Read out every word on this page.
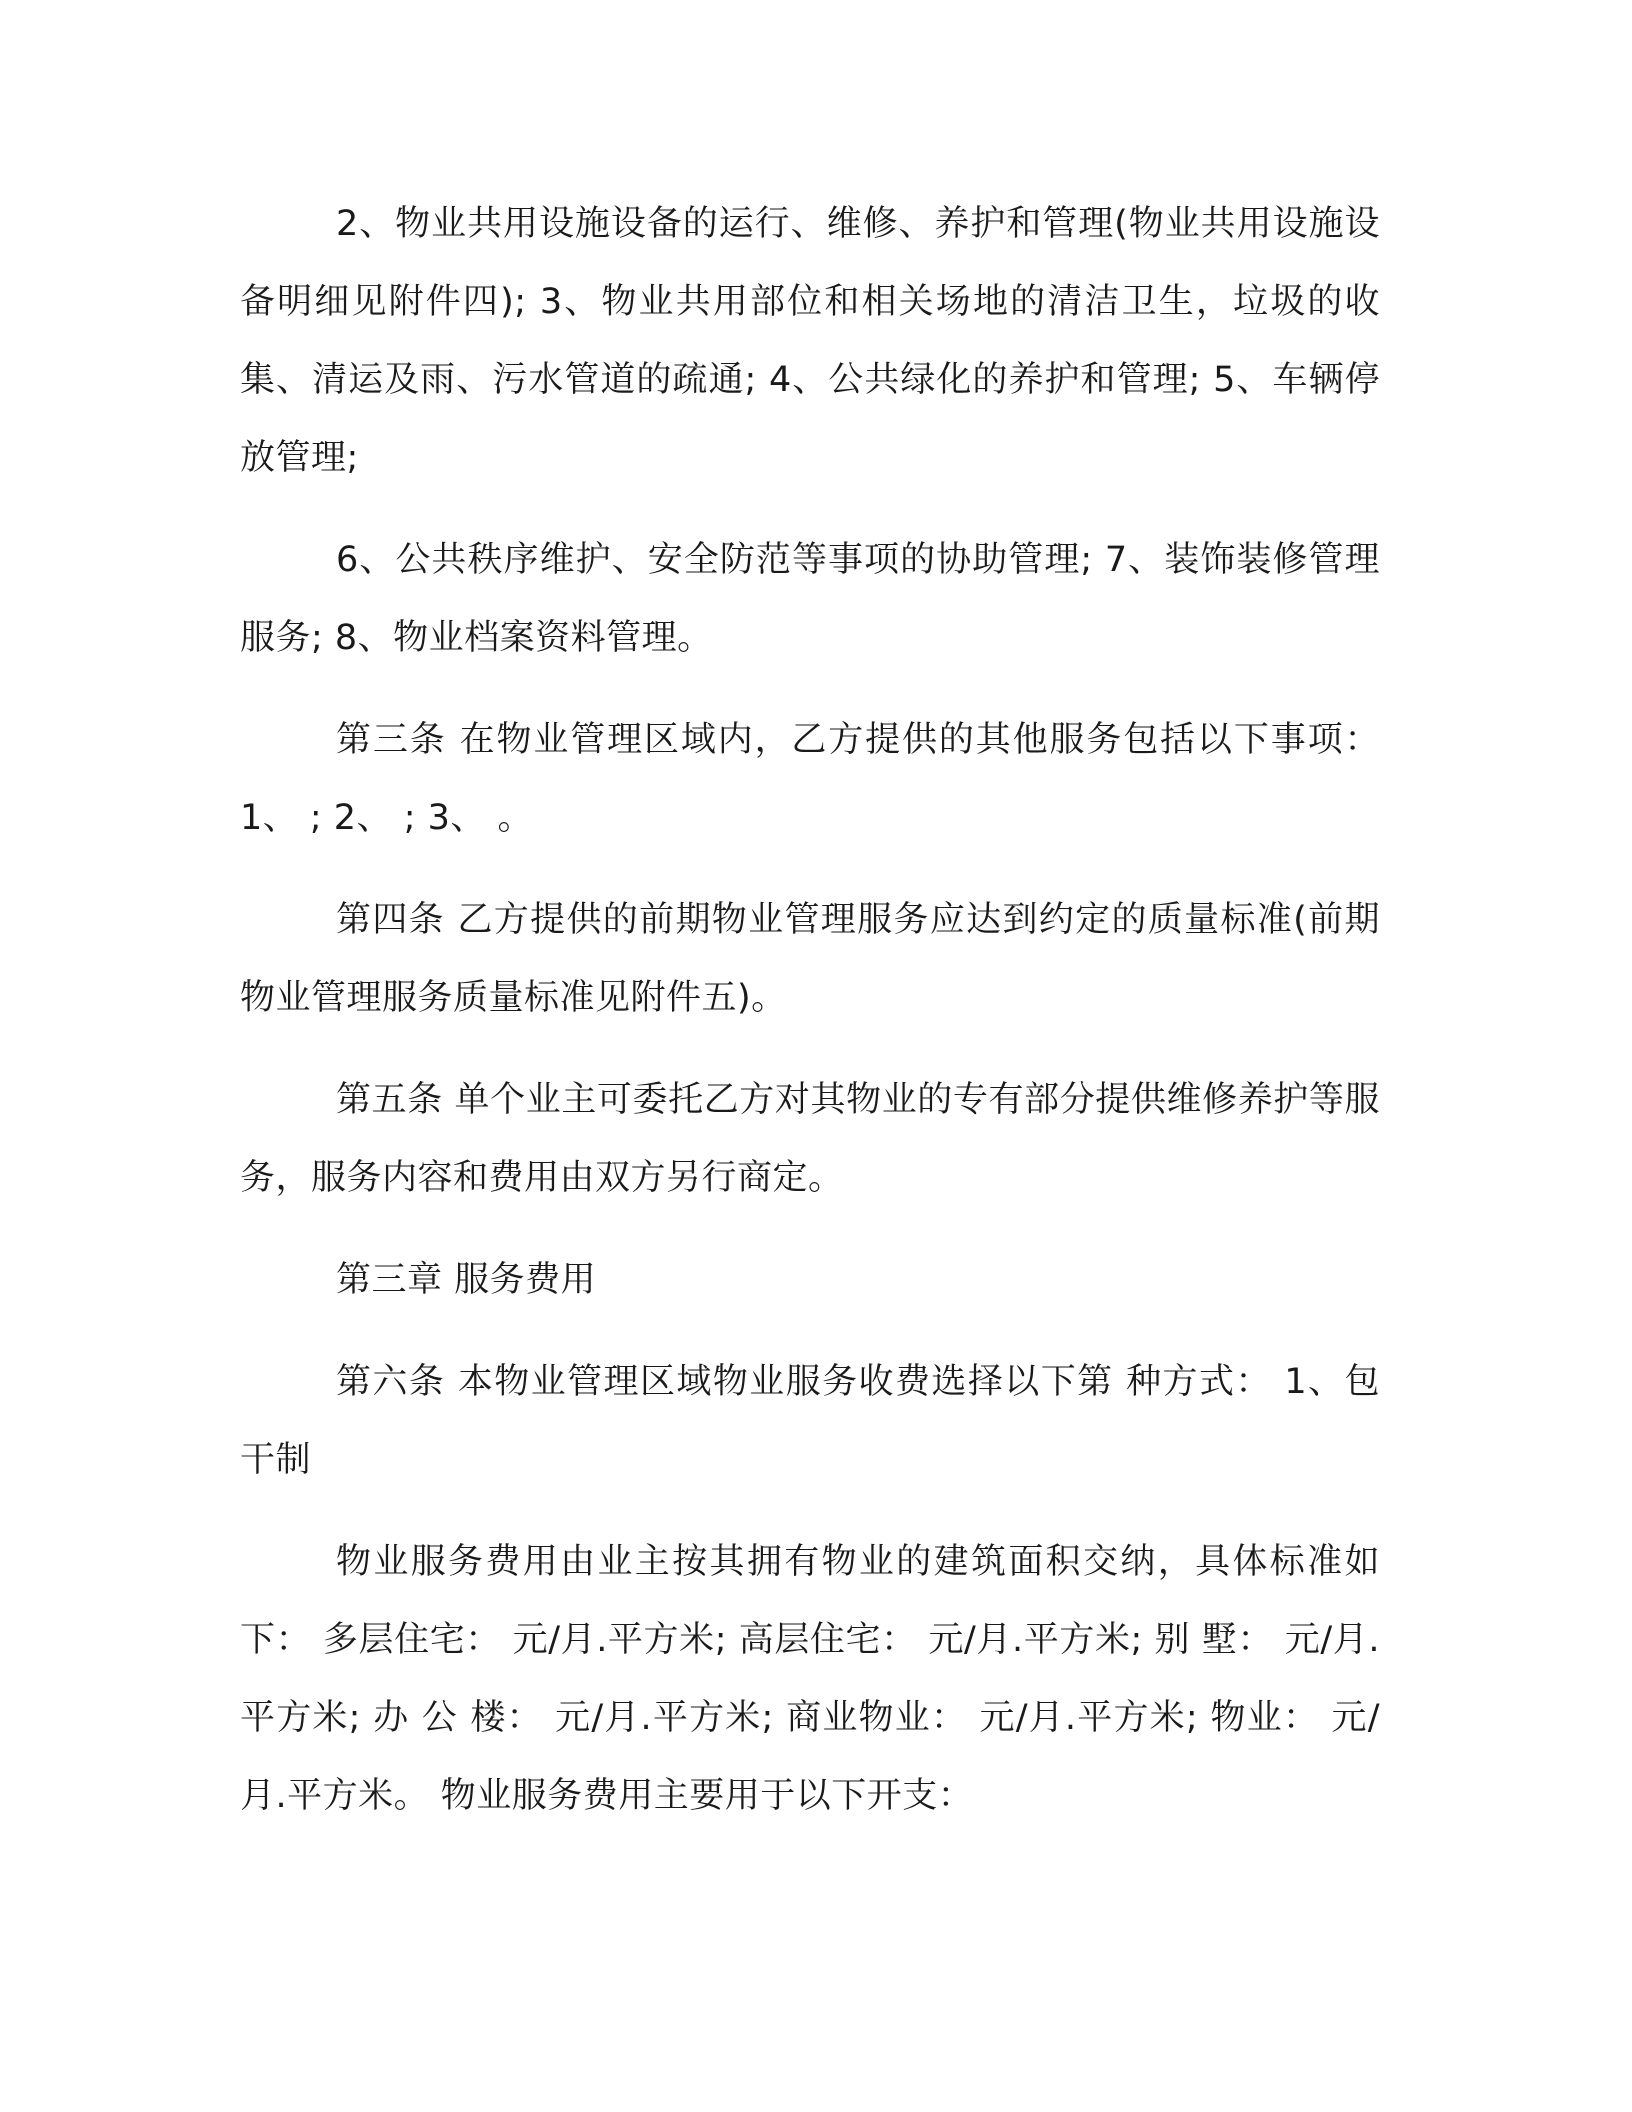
2、物业共用设施设备的运行、维修、养护和管理(物业共用设施设备明细见附件四); 3、物业共用部位和相关场地的清洁卫生，垃圾的收集、清运及雨、污水管道的疏通; 4、公共绿化的养护和管理; 5、车辆停放管理;

6、公共秩序维护、安全防范等事项的协助管理; 7、装饰装修管理服务; 8、物业档案资料管理。

第三条 在物业管理区域内，乙方提供的其他服务包括以下事项： 1、 ; 2、 ; 3、 。

第四条 乙方提供的前期物业管理服务应达到约定的质量标准(前期物业管理服务质量标准见附件五)。

第五条 单个业主可委托乙方对其物业的专有部分提供维修养护等服务，服务内容和费用由双方另行商定。

第三章 服务费用

第六条 本物业管理区域物业服务收费选择以下第 种方式： 1、包干制

物业服务费用由业主按其拥有物业的建筑面积交纳，具体标准如下： 多层住宅： 元/月.平方米; 高层住宅： 元/月.平方米; 别 墅： 元/月.平方米; 办 公 楼： 元/月.平方米; 商业物业： 元/月.平方米; 物业： 元/月.平方米。 物业服务费用主要用于以下开支：
